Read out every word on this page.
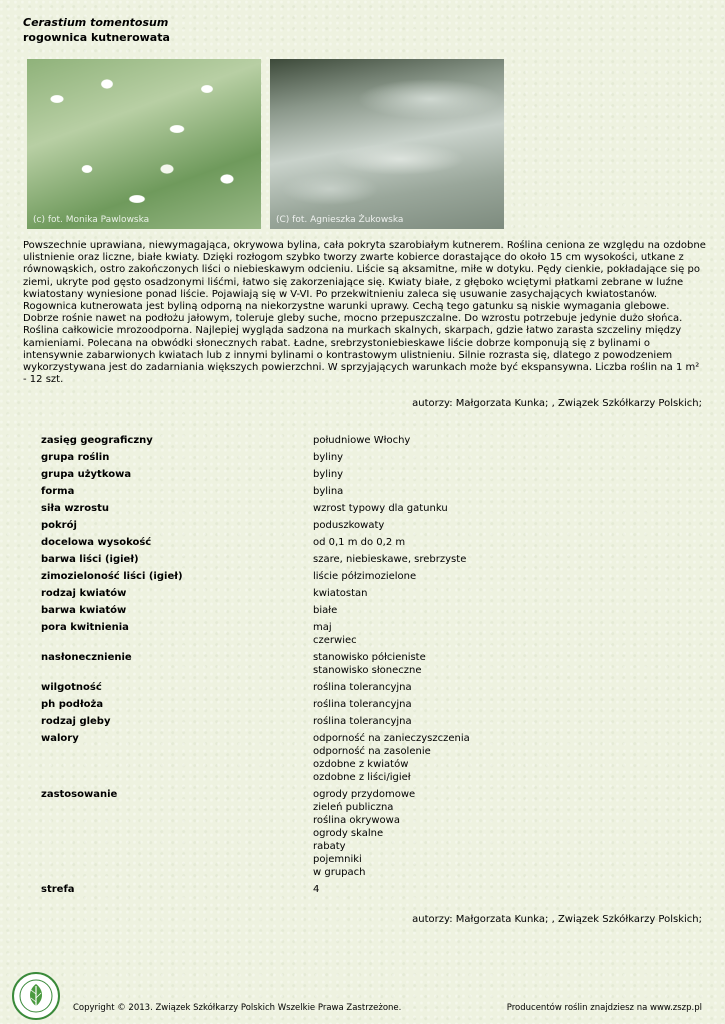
Cerastium tomentosum
rogownica kutnerowata
(c) fot. Monika Pawlowska	(C) fot. Agnieszka Żukowska
Powszechnie uprawiana, niewymagająca, okrywowa bylina, cała pokryta szarobiałym kutnerem. Roślina ceniona ze względu na ozdobne ulistnienie oraz liczne, białe kwiaty. Dzięki rozłogom szybko tworzy zwarte kobierce dorastające do około 15 cm wysokości, utkane z równowąskich, ostro zakończonych liści o niebieskawym odcieniu. Liście są aksamitne, miłe w dotyku. Pędy cienkie, pokładające się po ziemi, ukryte pod gęsto osadzonymi liśćmi, łatwo się zakorzeniające się. Kwiaty białe, z głęboko wciętymi płatkami zebrane w luźne kwiatostany wyniesione ponad liście. Pojawiają się w V-VI. Po przekwitnieniu zaleca się usuwanie zasychających kwiatostanów. Rogownica kutnerowata jest byliną odporną na niekorzystne warunki uprawy. Cechą tego gatunku są niskie wymagania glebowe. Dobrze rośnie nawet na podłożu jałowym, toleruje gleby suche, mocno przepuszczalne. Do wzrostu potrzebuje jedynie dużo słońca. Roślina całkowicie mrozoodporna. Najlepiej wygląda sadzona na murkach skalnych, skarpach, gdzie łatwo zarasta szczeliny między kamieniami. Polecana na obwódki słonecznych rabat. Ładne, srebrzystoniebieskawe liście dobrze komponują się z bylinami o intensywnie zabarwionych kwiatach lub z innymi bylinami o kontrastowym ulistnieniu. Silnie rozrasta się, dlatego z powodzeniem wykorzystywana jest do zadarniania większych powierzchni. W sprzyjających warunkach może być ekspansywna. Liczba roślin na 1 m² - 12 szt.
autorzy: Małgorzata Kunka; , Związek Szkółkarzy Polskich;
zasięg geograficzny	południowe Włochy
grupa roślin	byliny
grupa użytkowa	byliny
forma	bylina
siła wzrostu	wzrost typowy dla gatunku
pokrój	poduszkowaty
docelowa wysokość	od 0,1 m do 0,2 m
barwa liści (igieł)	szare, niebieskawe, srebrzyste
zimozieloność liści (igieł)	liście półzimozielone
rodzaj kwiatów	kwiatostan
barwa kwiatów	białe
pora kwitnienia	maj
czerwiec
nasłonecznienie	stanowisko półcieniste
stanowisko słoneczne
wilgotność	roślina tolerancyjna
ph podłoża	roślina tolerancyjna
rodzaj gleby	roślina tolerancyjna
walory	odporność na zanieczyszczenia
odporność na zasolenie
ozdobne z kwiatów
ozdobne z liści/igieł
zastosowanie	ogrody przydomowe
zieleń publiczna
roślina okrywowa
ogrody skalne
rabaty
pojemniki
w grupach
strefa	4
autorzy: Małgorzata Kunka; , Związek Szkółkarzy Polskich;
Copyright © 2013. Związek Szkółkarzy Polskich Wszelkie Prawa Zastrzeżone.	Producentów roślin znajdziesz na www.zszp.pl
